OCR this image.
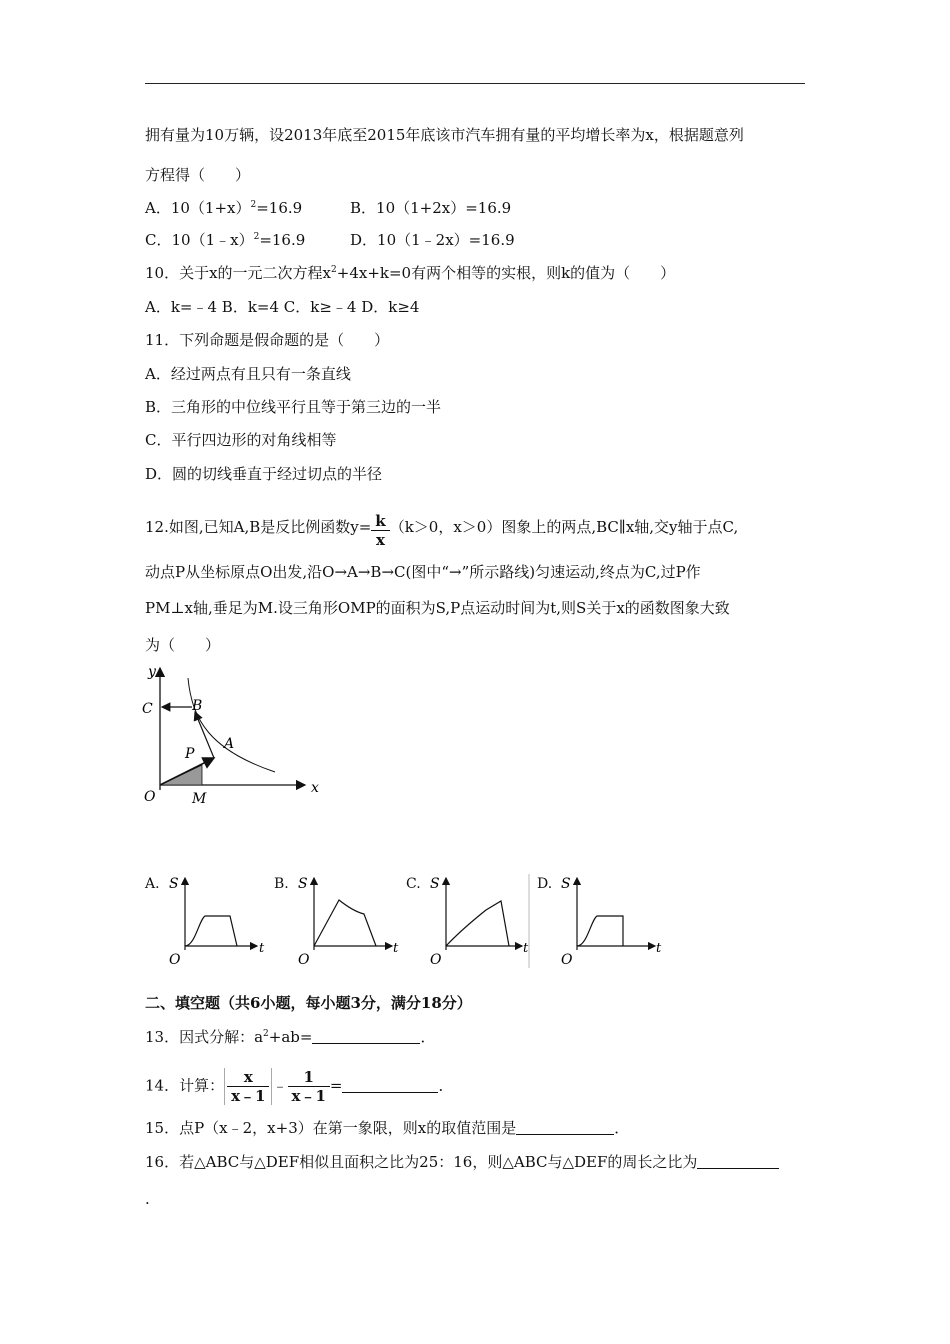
拥有量为10万辆，设2013年底至2015年底该市汽车拥有量的平均增长率为x，根据题意列
方程得（　　）
A．$10(1+x)^2=16.9$	B．10（1+2x）=16.9
C．10（1﹣x）$^2$=16.9	D．10（1﹣2x）=16.9
10．关于x的一元二次方程$x^2+4x+k=0$有两个相等的实根，则k的值为（　　）
A．k=﹣4 B．k=4 C．k≥﹣4 D．k≥4
11．下列命题是假命题的是（　　）
A．经过两点有且只有一条直线
B．三角形的中位线平行且等于第三边的一半
C．平行四边形的对角线相等
D．圆的切线垂直于经过切点的半径
12.如图,已知A,B是反比例函数$y= \frac{k}{x} (k>0$，x＞0）图象上的两点,BC∥x轴,交y轴于点C,
动点P从坐标原点O出发,沿O→A→B→C(图中“→”所示路线)匀速运动,终点为C,过P作
PM⊥x轴,垂足为M.设三角形OMP的面积为S,P点运动时间为t,则S关于x的函数图象大致
为（　　）
y
x
C	B
A
P
O	M
A. S
t
O
B. S
t
O
C. S
t
O
D. S
t
O
二、填空题（共6小题，每小题3分，满分18分）
13．因式分解：$a^2+ab=$	．
14．计算： $\frac{x}{x﹣1}$ ﹣ $\frac{1}{x﹣1}$ =	．
15．点P（x﹣2，x+3）在第一象限，则x的取值范围是	．
16．若△ABC与△DEF相似且面积之比为25：16，则△ABC与△DEF的周长之比为
.
